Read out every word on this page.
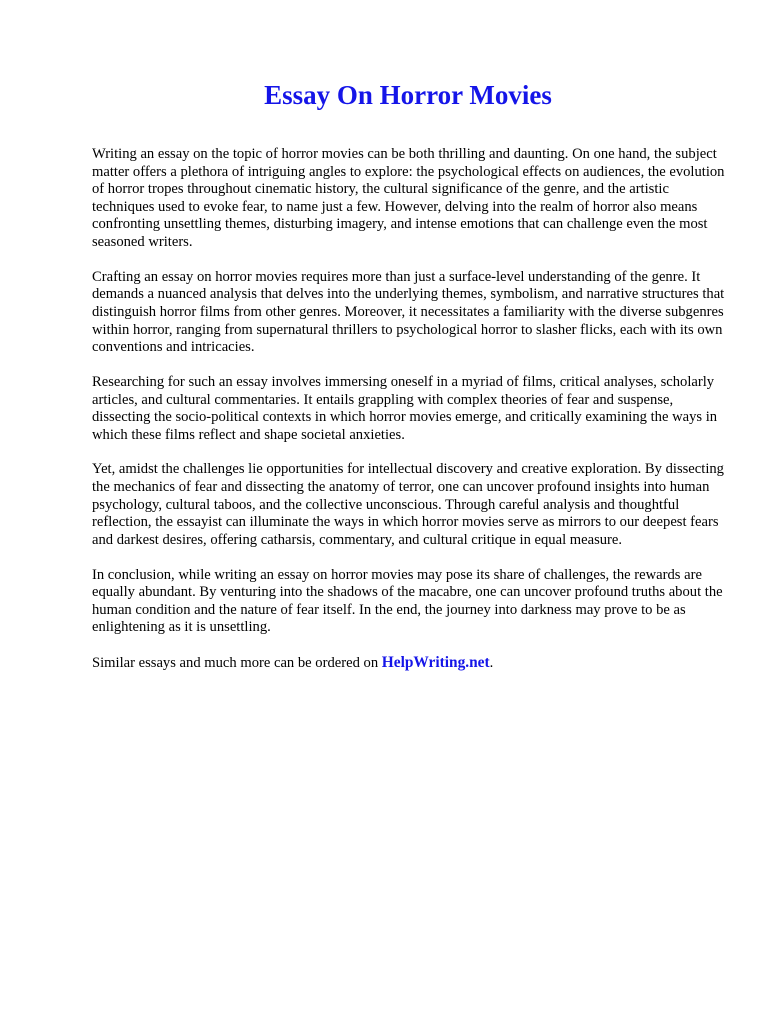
Essay On Horror Movies

Writing an essay on the topic of horror movies can be both thrilling and daunting. On one hand, the subject matter offers a plethora of intriguing angles to explore: the psychological effects on audiences, the evolution of horror tropes throughout cinematic history, the cultural significance of the genre, and the artistic techniques used to evoke fear, to name just a few. However, delving into the realm of horror also means confronting unsettling themes, disturbing imagery, and intense emotions that can challenge even the most seasoned writers.

Crafting an essay on horror movies requires more than just a surface-level understanding of the genre. It demands a nuanced analysis that delves into the underlying themes, symbolism, and narrative structures that distinguish horror films from other genres. Moreover, it necessitates a familiarity with the diverse subgenres within horror, ranging from supernatural thrillers to psychological horror to slasher flicks, each with its own conventions and intricacies.

Researching for such an essay involves immersing oneself in a myriad of films, critical analyses, scholarly articles, and cultural commentaries. It entails grappling with complex theories of fear and suspense, dissecting the socio-political contexts in which horror movies emerge, and critically examining the ways in which these films reflect and shape societal anxieties.

Yet, amidst the challenges lie opportunities for intellectual discovery and creative exploration. By dissecting the mechanics of fear and dissecting the anatomy of terror, one can uncover profound insights into human psychology, cultural taboos, and the collective unconscious. Through careful analysis and thoughtful reflection, the essayist can illuminate the ways in which horror movies serve as mirrors to our deepest fears and darkest desires, offering catharsis, commentary, and cultural critique in equal measure.

In conclusion, while writing an essay on horror movies may pose its share of challenges, the rewards are equally abundant. By venturing into the shadows of the macabre, one can uncover profound truths about the human condition and the nature of fear itself. In the end, the journey into darkness may prove to be as enlightening as it is unsettling.

Similar essays and much more can be ordered on HelpWriting.net.
